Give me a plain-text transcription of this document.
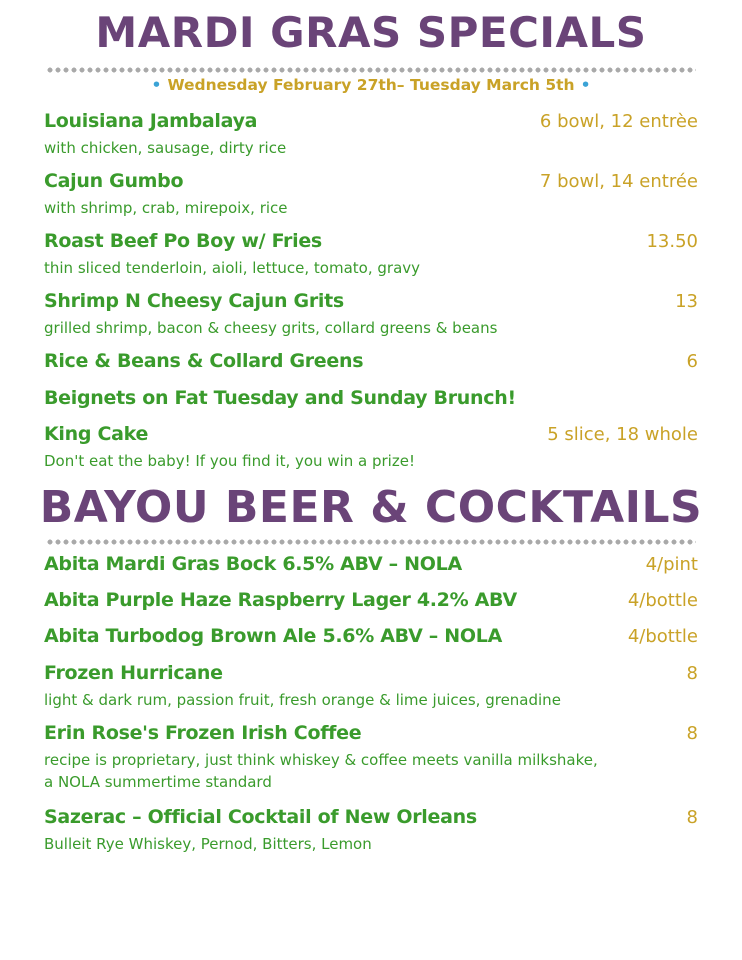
MARDI GRAS SPECIALS
• Wednesday February 27th– Tuesday March 5th •
Louisiana Jambalaya	6 bowl, 12 entrèe
with chicken, sausage, dirty rice
Cajun Gumbo	7 bowl, 14 entrée
with shrimp, crab, mirepoix, rice
Roast Beef Po Boy w/ Fries	13.50
thin sliced tenderloin, aioli, lettuce, tomato, gravy
Shrimp N Cheesy Cajun Grits	13
grilled shrimp, bacon & cheesy grits, collard greens & beans
Rice & Beans & Collard Greens	6
Beignets on Fat Tuesday and Sunday Brunch!
King Cake	5 slice, 18 whole
Don't eat the baby! If you find it, you win a prize!
BAYOU BEER & COCKTAILS
Abita Mardi Gras Bock 6.5% ABV – NOLA	4/pint
Abita Purple Haze Raspberry Lager 4.2% ABV	4/bottle
Abita Turbodog Brown Ale 5.6% ABV – NOLA	4/bottle
Frozen Hurricane	8
light & dark rum, passion fruit, fresh orange & lime juices, grenadine
Erin Rose's Frozen Irish Coffee	8
recipe is proprietary, just think whiskey & coffee meets vanilla milkshake, a NOLA summertime standard
Sazerac – Official Cocktail of New Orleans	8
Bulleit Rye Whiskey, Pernod, Bitters, Lemon
